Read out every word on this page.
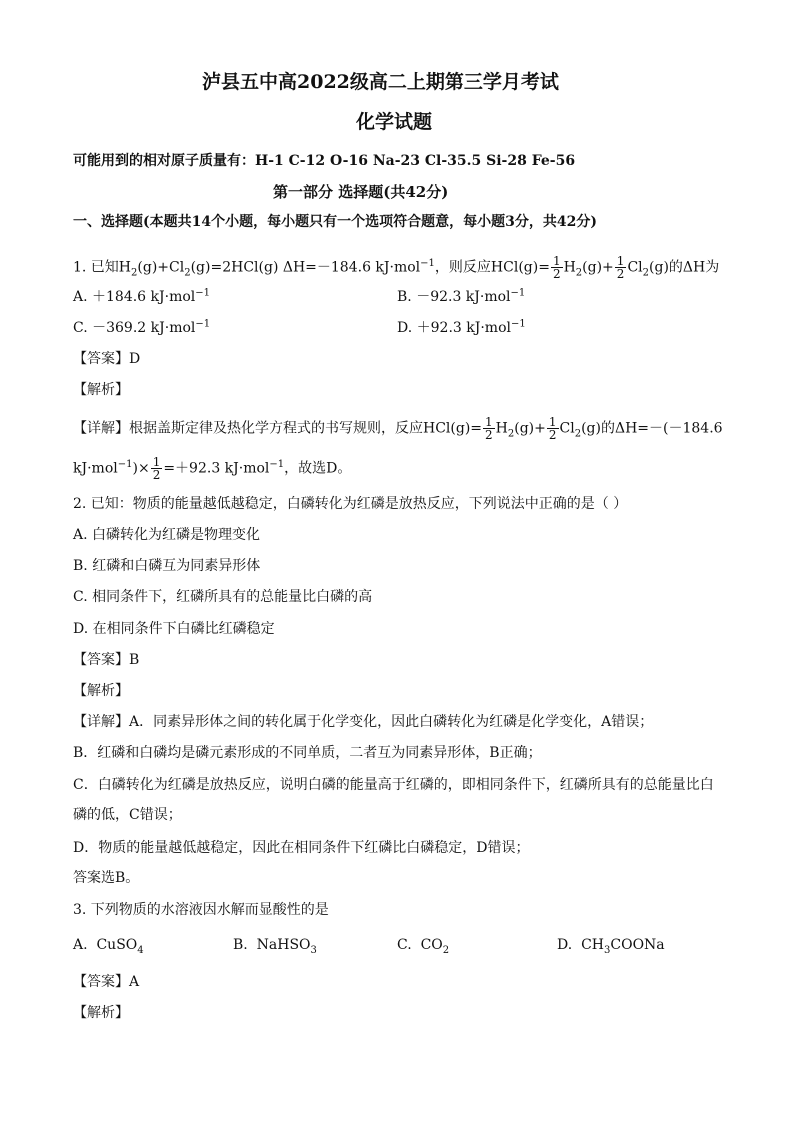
泸县五中高2022级高二上期第三学月考试
化学试题
可能用到的相对原子质量有：H-1 C-12 O-16 Na-23 Cl-35.5 Si-28 Fe-56
第一部分 选择题(共42分)
一、选择题(本题共14个小题，每小题只有一个选项符合题意，每小题3分，共42分)
1. 已知$H_2(g)+Cl_2(g)=2HCl(g)$ ΔH=－184.6 kJ·mol$^{-1}$，则反应$HCl(g)= \frac{1}{2} H_2(g)+ \frac{1}{2} Cl_2(g)$的ΔH为
A. ＋184.6 kJ·mol$^{-1}$	B. －92.3 kJ·mol$^{-1}$
C. －369.2 kJ·mol$^{-1}$	D. ＋92.3 kJ·mol$^{-1}$
【答案】D
【解析】
【详解】根据盖斯定律及热化学方程式的书写规则，反应$HCl(g)= \frac{1}{2} H_2(g)+ \frac{1}{2} Cl_2(g)$的ΔH=－(－184.6
$kJ\cdot mol^{-1})\times \frac{1}{2} =+92.3$ kJ·mol$^{-1}$，故选D。
2. 已知：物质的能量越低越稳定，白磷转化为红磷是放热反应，下列说法中正确的是（ ）
A. 白磷转化为红磷是物理变化
B. 红磷和白磷互为同素异形体
C. 相同条件下，红磷所具有的总能量比白磷的高
D. 在相同条件下白磷比红磷稳定
【答案】B
【解析】
【详解】A．同素异形体之间的转化属于化学变化，因此白磷转化为红磷是化学变化，A错误；
B．红磷和白磷均是磷元素形成的不同单质，二者互为同素异形体，B正确；
C．白磷转化为红磷是放热反应，说明白磷的能量高于红磷的，即相同条件下，红磷所具有的总能量比白
磷的低，C错误；
D．物质的能量越低越稳定，因此在相同条件下红磷比白磷稳定，D错误；
答案选B。
3. 下列物质的水溶液因水解而显酸性的是
A. CuSO$_4$	B. NaHSO$_3$	C. $CO_2$	D. $CH_3COONa$
【答案】A
【解析】
